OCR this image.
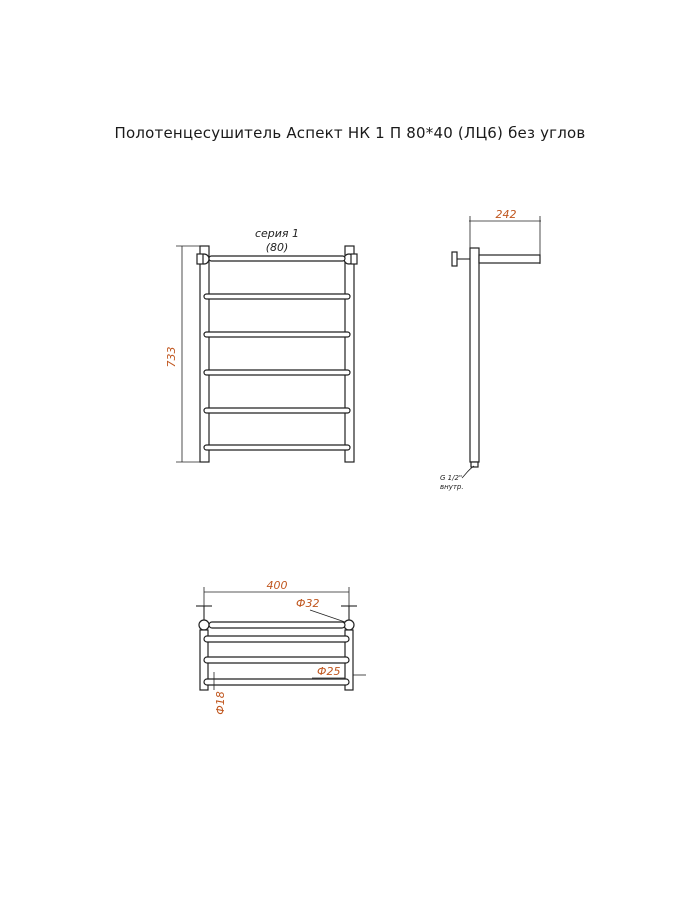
Полотенцесушитель Аспект НК 1 П 80*40 (ЛЦ6) без углов
733
серия 1
(80)
242
G 1/2"
внутр.
400
Ф32
Ф25
Ф18
